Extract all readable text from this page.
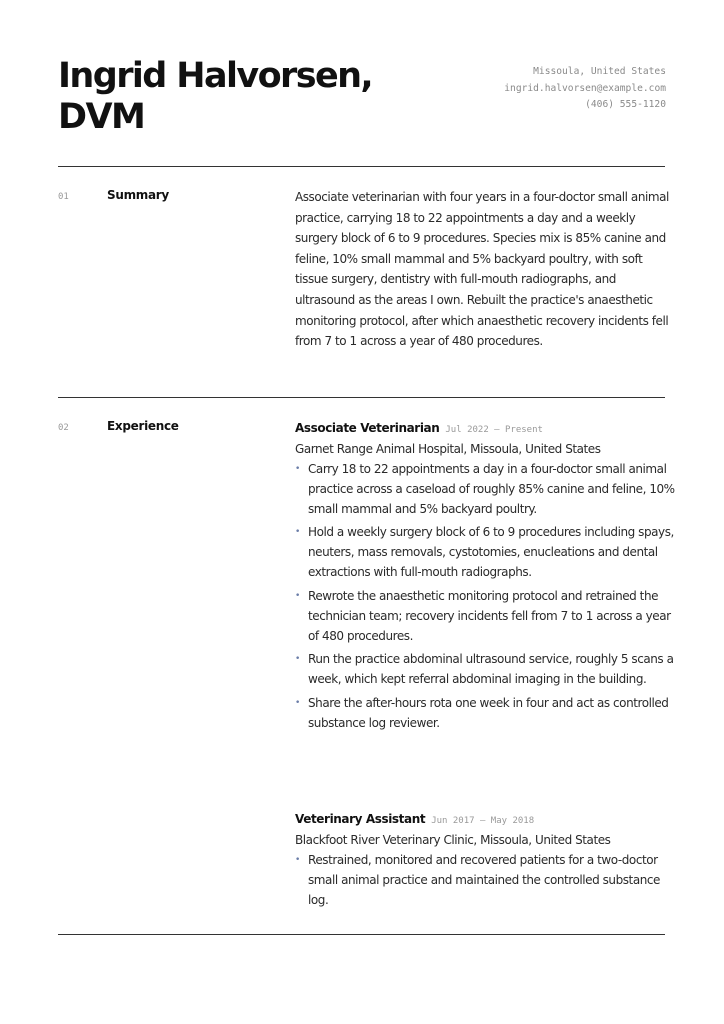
Ingrid Halvorsen, DVM
Missoula, United States
ingrid.halvorsen@example.com
(406) 555-1120
01	Summary	Associate veterinarian with four years in a four-doctor small animal practice, carrying 18 to 22 appointments a day and a weekly surgery block of 6 to 9 procedures. Species mix is 85% canine and feline, 10% small mammal and 5% backyard poultry, with soft tissue surgery, dentistry with full-mouth radiographs, and ultrasound as the areas I own. Rebuilt the practice's anaesthetic monitoring protocol, after which anaesthetic recovery incidents fell from 7 to 1 across a year of 480 procedures.

02	Experience	Associate Veterinarian Jul 2022 — Present
Garnet Range Animal Hospital, Missoula, United States
• Carry 18 to 22 appointments a day in a four-doctor small animal practice across a caseload of roughly 85% canine and feline, 10% small mammal and 5% backyard poultry.
• Hold a weekly surgery block of 6 to 9 procedures including spays, neuters, mass removals, cystotomies, enucleations and dental extractions with full-mouth radiographs.
• Rewrote the anaesthetic monitoring protocol and retrained the technician team; recovery incidents fell from 7 to 1 across a year of 480 procedures.
• Run the practice abdominal ultrasound service, roughly 5 scans a week, which kept referral abdominal imaging in the building.
• Share the after-hours rota one week in four and act as controlled substance log reviewer.
Veterinary Assistant Jun 2017 — May 2018
Blackfoot River Veterinary Clinic, Missoula, United States
• Restrained, monitored and recovered patients for a two-doctor small animal practice and maintained the controlled substance log.
